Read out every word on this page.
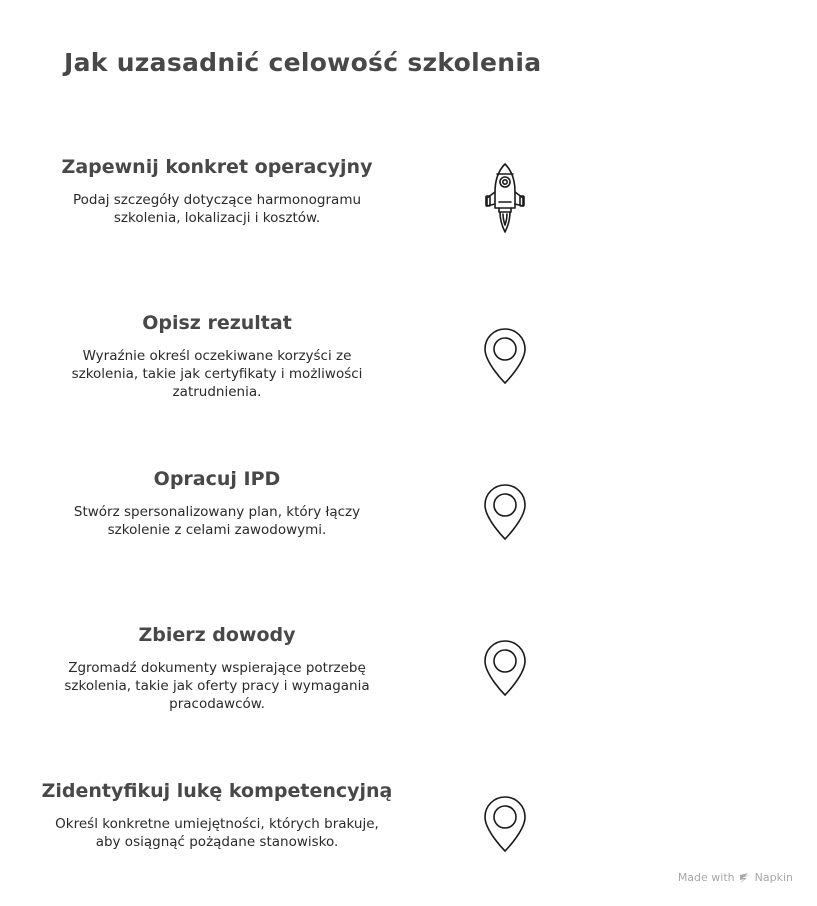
Jak uzasadnić celowość szkolenia
Zapewnij konkret operacyjny
Podaj szczegóły dotyczące harmonogramu
szkolenia, lokalizacji i kosztów.
Opisz rezultat
Wyraźnie określ oczekiwane korzyści ze
szkolenia, takie jak certyfikaty i możliwości
zatrudnienia.
Opracuj IPD
Stwórz spersonalizowany plan, który łączy
szkolenie z celami zawodowymi.
Zbierz dowody
Zgromadź dokumenty wspierające potrzebę
szkolenia, takie jak oferty pracy i wymagania
pracodawców.
Zidentyfikuj lukę kompetencyjną
Określ konkretne umiejętności, których brakuje,
aby osiągnąć pożądane stanowisko.
Made with Napkin
